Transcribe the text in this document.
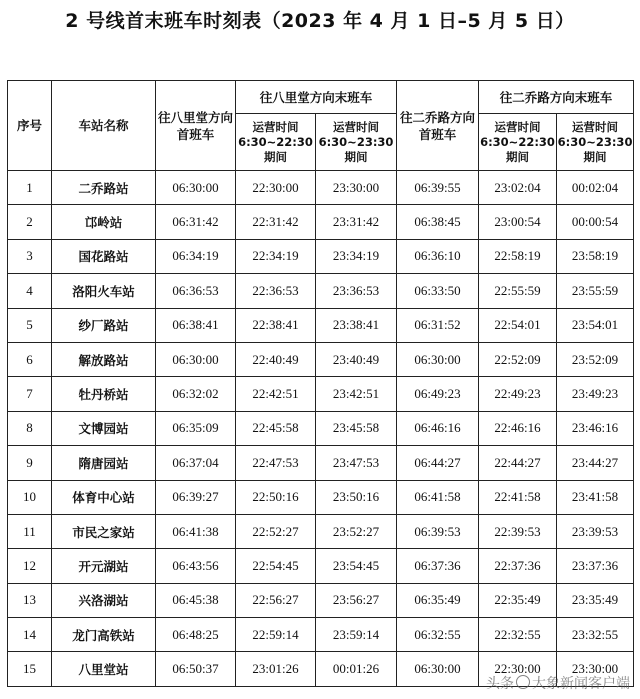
2 号线首末班车时刻表（2023 年 4 月 1 日–5 月 5 日）
序号	车站名称	往八里堂方向首班车	往八里堂方向末班车		往二乔路方向首班车	往二乔路方向末班车	
			运营时间 6:30~22:30 期间	运营时间 6:30~23:30 期间		运营时间 6:30~22:30 期间	运营时间 6:30~23:30 期间
1	二乔路站	06:30:00	22:30:00	23:30:00	06:39:55	23:02:04	00:02:04
2	邙岭站	06:31:42	22:31:42	23:31:42	06:38:45	23:00:54	00:00:54
3	国花路站	06:34:19	22:34:19	23:34:19	06:36:10	22:58:19	23:58:19
4	洛阳火车站	06:36:53	22:36:53	23:36:53	06:33:50	22:55:59	23:55:59
5	纱厂路站	06:38:41	22:38:41	23:38:41	06:31:52	22:54:01	23:54:01
6	解放路站	06:30:00	22:40:49	23:40:49	06:30:00	22:52:09	23:52:09
7	牡丹桥站	06:32:02	22:42:51	23:42:51	06:49:23	22:49:23	23:49:23
8	文博园站	06:35:09	22:45:58	23:45:58	06:46:16	22:46:16	23:46:16
9	隋唐园站	06:37:04	22:47:53	23:47:53	06:44:27	22:44:27	23:44:27
10	体育中心站	06:39:27	22:50:16	23:50:16	06:41:58	22:41:58	23:41:58
11	市民之家站	06:41:38	22:52:27	23:52:27	06:39:53	22:39:53	23:39:53
12	开元湖站	06:43:56	22:54:45	23:54:45	06:37:36	22:37:36	23:37:36
13	兴洛湖站	06:45:38	22:56:27	23:56:27	06:35:49	22:35:49	23:35:49
14	龙门高铁站	06:48:25	22:59:14	23:59:14	06:32:55	22:32:55	23:32:55
15	八里堂站	06:50:37	23:01:26	00:01:26	06:30:00	22:30:00	23:30:00
头条 大象新闻客户端
